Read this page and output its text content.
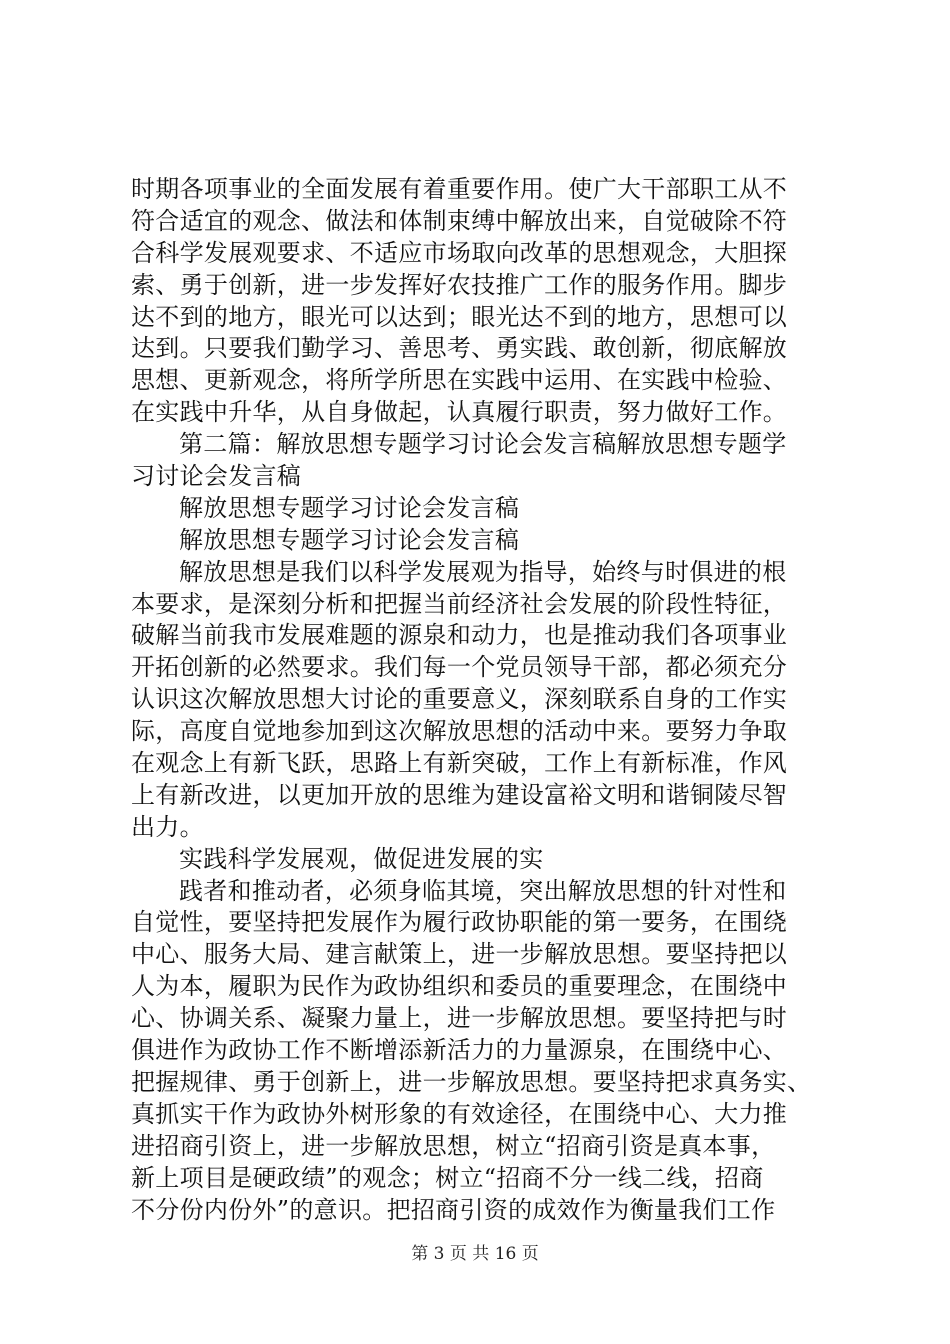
时期各项事业的全面发展有着重要作用。使广大干部职工从不
符合适宜的观念、做法和体制束缚中解放出来，自觉破除不符
合科学发展观要求、不适应市场取向改革的思想观念，大胆探
索、勇于创新，进一步发挥好农技推广工作的服务作用。脚步
达不到的地方，眼光可以达到；眼光达不到的地方，思想可以
达到。只要我们勤学习、善思考、勇实践、敢创新，彻底解放
思想、更新观念，将所学所思在实践中运用、在实践中检验、
在实践中升华，从自身做起，认真履行职责，努力做好工作。
第二篇：解放思想专题学习讨论会发言稿解放思想专题学
习讨论会发言稿
解放思想专题学习讨论会发言稿
解放思想专题学习讨论会发言稿
解放思想是我们以科学发展观为指导，始终与时俱进的根
本要求，是深刻分析和把握当前经济社会发展的阶段性特征，
破解当前我市发展难题的源泉和动力，也是推动我们各项事业
开拓创新的必然要求。我们每一个党员领导干部，都必须充分
认识这次解放思想大讨论的重要意义，深刻联系自身的工作实
际，高度自觉地参加到这次解放思想的活动中来。要努力争取
在观念上有新飞跃，思路上有新突破，工作上有新标准，作风
上有新改进，以更加开放的思维为建设富裕文明和谐铜陵尽智
出力。
实践科学发展观，做促进发展的实
践者和推动者，必须身临其境，突出解放思想的针对性和
自觉性，要坚持把发展作为履行政协职能的第一要务，在围绕
中心、服务大局、建言献策上，进一步解放思想。要坚持把以
人为本，履职为民作为政协组织和委员的重要理念，在围绕中
心、协调关系、凝聚力量上，进一步解放思想。要坚持把与时
俱进作为政协工作不断增添新活力的力量源泉，在围绕中心、
把握规律、勇于创新上，进一步解放思想。要坚持把求真务实、
真抓实干作为政协外树形象的有效途径，在围绕中心、大力推
进招商引资上，进一步解放思想，树立“招商引资是真本事，
新上项目是硬政绩”的观念；树立“招商不分一线二线，招商
不分份内份外”的意识。把招商引资的成效作为衡量我们工作
第 3 页 共 16 页
